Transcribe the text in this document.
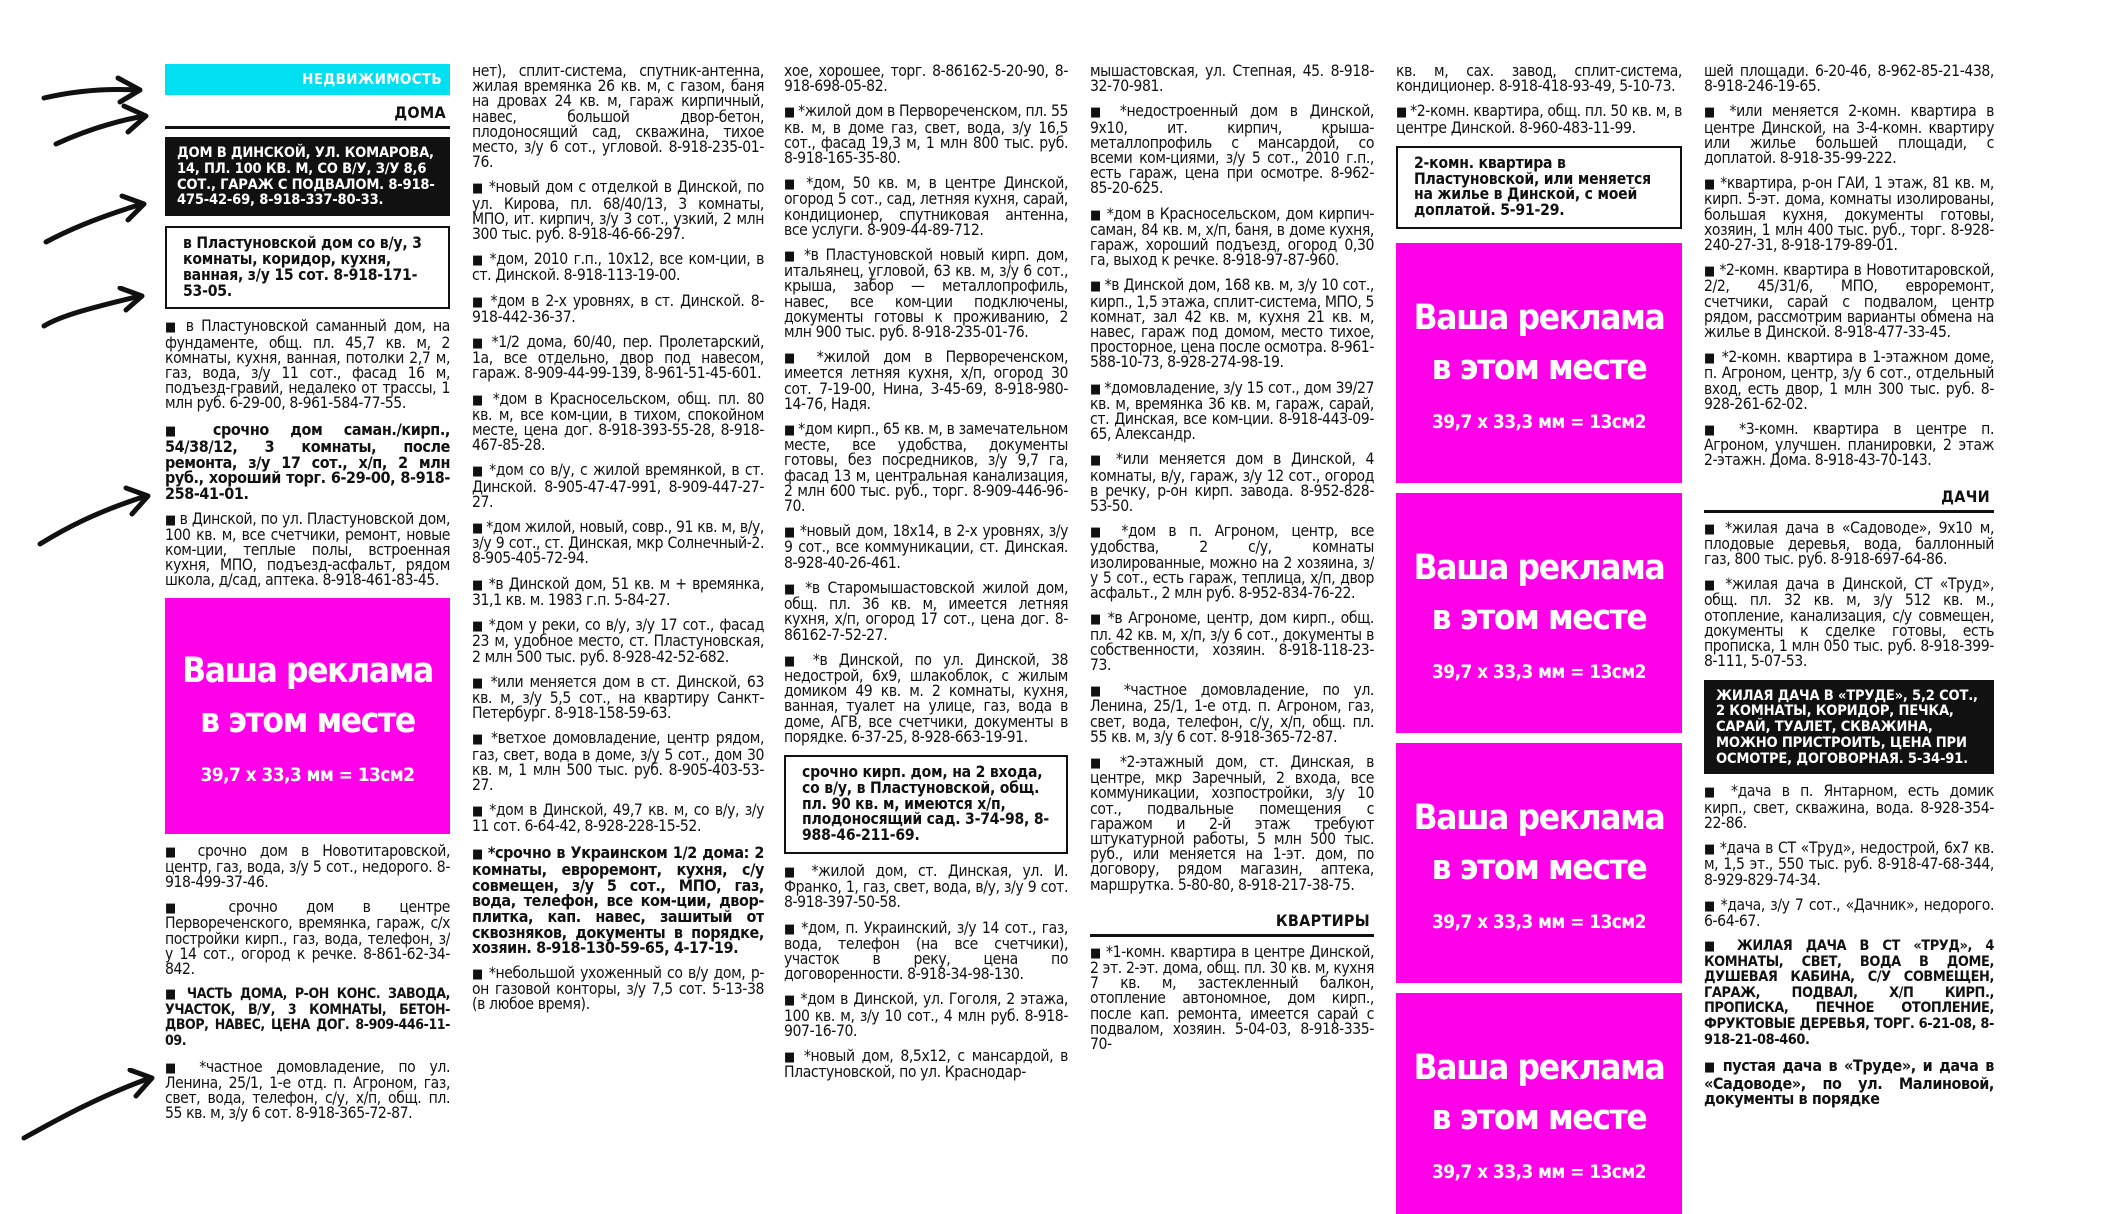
НЕДВИЖИМОСТЬ
ДОМА
ДОМ В ДИНСКОЙ, УЛ. КОМАРОВА, 14, ПЛ. 100 КВ. М, СО В/У, З/У 8,6 СОТ., ГАРАЖ С ПОДВАЛОМ. 8-918-475-42-69, 8-918-337-80-33.
в Пластуновской дом со в/у, 3 комнаты, коридор, кухня, ванная, з/у 15 сот. 8-918-171-53-05.

■ в Пластуновской саманный дом, на фундаменте, общ. пл. 45,7 кв. м, 2 комнаты, кухня, ванная, потолки 2,7 м, газ, вода, з/у 11 сот., фасад 16 м, подъезд-гравий, недалеко от трассы, 1 млн руб. 6-29-00, 8-961-584-77-55.

■ срочно дом саман./кирп., 54/38/12, 3 комнаты, после ремонта, з/у 17 сот., х/п, 2 млн руб., хороший торг. 6-29-00, 8-918-258-41-01.

■ в Динской, по ул. Пластуновской дом, 100 кв. м, все счетчики, ремонт, новые ком-ции, теплые полы, встроенная кухня, МПО, подъезд-асфальт, рядом школа, д/сад, аптека. 8-918-461-83-45.

Ваша реклама
в этом месте
39,7 х 33,3 мм = 13см2

■ срочно дом в Новотитаровской, центр, газ, вода, з/у 5 сот., недорого. 8-918-499-37-46.

■ срочно дом в центре Первореченского, времянка, гараж, с/х постройки кирп., газ, вода, телефон, з/у 14 сот., огород к речке. 8-861-62-34-842.

■ ЧАСТЬ ДОМА, Р-ОН КОНС. ЗАВОДА, УЧАСТОК, В/У, 3 КОМНАТЫ, БЕТОН-ДВОР, НАВЕС, ЦЕНА ДОГ. 8-909-446-11-09.

■ *частное домовладение, по ул. Ленина, 25/1, 1-е отд. п. Агроном, газ, свет, вода, телефон, с/у, х/п, общ. пл. 55 кв. м, з/у 6 сот. 8-918-365-72-87.

нет), сплит-система, спутник-антенна, жилая времянка 26 кв. м, с газом, баня на дровах 24 кв. м, гараж кирпичный, навес, большой двор-бетон, плодоносящий сад, скважина, тихое место, з/у 6 сот., угловой. 8-918-235-01-76.

■ *новый дом с отделкой в Динской, по ул. Кирова, пл. 68/40/13, 3 комнаты, МПО, ит. кирпич, з/у 3 сот., узкий, 2 млн 300 тыс. руб. 8-918-46-66-297.

■ *дом, 2010 г.п., 10х12, все ком-ции, в ст. Динской. 8-918-113-19-00.

■ *дом в 2-х уровнях, в ст. Динской. 8-918-442-36-37.

■ *1/2 дома, 60/40, пер. Пролетарский, 1а, все отдельно, двор под навесом, гараж. 8-909-44-99-139, 8-961-51-45-601.

■ *дом в Красносельском, общ. пл. 80 кв. м, все ком-ции, в тихом, спокойном месте, цена дог. 8-918-393-55-28, 8-918-467-85-28.

■ *дом со в/у, с жилой времянкой, в ст. Динской. 8-905-47-47-991, 8-909-447-27-27.

■ *дом жилой, новый, совр., 91 кв. м, в/у, з/у 9 сот., ст. Динская, мкр Солнечный-2. 8-905-405-72-94.

■ *в Динской дом, 51 кв. м + времянка, 31,1 кв. м. 1983 г.п. 5-84-27.

■ *дом у реки, со в/у, з/у 17 сот., фасад 23 м, удобное место, ст. Пластуновская, 2 млн 500 тыс. руб. 8-928-42-52-682.

■ *или меняется дом в ст. Динской, 63 кв. м, з/у 5,5 сот., на квартиру Санкт-Петербург. 8-918-158-59-63.

■ *ветхое домовладение, центр рядом, газ, свет, вода в доме, з/у 5 сот., дом 30 кв. м, 1 млн 500 тыс. руб. 8-905-403-53-27.

■ *дом в Динской, 49,7 кв. м, со в/у, з/у 11 сот. 6-64-42, 8-928-228-15-52.

■ *срочно в Украинском 1/2 дома: 2 комнаты, евроремонт, кухня, с/у совмещен, з/у 5 сот., МПО, газ, вода, телефон, все ком-ции, двор-плитка, кап. навес, зашитый от сквозняков, документы в порядке, хозяин. 8-918-130-59-65, 4-17-19.

■ *небольшой ухоженный со в/у дом, р-он газовой конторы, з/у 7,5 сот. 5-13-38 (в любое время).

хое, хорошее, торг. 8-86162-5-20-90, 8-918-698-05-82.

■ *жилой дом в Первореченском, пл. 55 кв. м, в доме газ, свет, вода, з/у 16,5 сот., фасад 19,3 м, 1 млн 800 тыс. руб. 8-918-165-35-80.

■ *дом, 50 кв. м, в центре Динской, огород 5 сот., сад, летняя кухня, сарай, кондиционер, спутниковая антенна, все услуги. 8-909-44-89-712.

■ *в Пластуновской новый кирп. дом, итальянец, угловой, 63 кв. м, з/у 6 сот., крыша, забор — металлопрофиль, навес, все ком-ции подключены, документы готовы к проживанию, 2 млн 900 тыс. руб. 8-918-235-01-76.

■ *жилой дом в Первореченском, имеется летняя кухня, х/п, огород 30 сот. 7-19-00, Нина, 3-45-69, 8-918-980-14-76, Надя.

■ *дом кирп., 65 кв. м, в замечательном месте, все удобства, документы готовы, без посредников, з/у 9,7 га, фасад 13 м, центральная канализация, 2 млн 600 тыс. руб., торг. 8-909-446-96-70.

■ *новый дом, 18х14, в 2-х уровнях, з/у 9 сот., все коммуникации, ст. Динская. 8-928-40-26-461.

■ *в Старомышастовской жилой дом, общ. пл. 36 кв. м, имеется летняя кухня, х/п, огород 17 сот., цена дог. 8-86162-7-52-27.

■ *в Динской, по ул. Динской, 38 недострой, 6х9, шлакоблок, с жилым домиком 49 кв. м. 2 комнаты, кухня, ванная, туалет на улице, газ, вода в доме, АГВ, все счетчики, документы в порядке. 6-37-25, 8-928-663-19-91.

срочно кирп. дом, на 2 входа, со в/у, в Пластуновской, общ. пл. 90 кв. м, имеются х/п, плодоносящий сад. 3-74-98, 8-988-46-211-69.

■ *жилой дом, ст. Динская, ул. И. Франко, 1, газ, свет, вода, в/у, з/у 9 сот. 8-918-397-50-58.

■ *дом, п. Украинский, з/у 14 сот., газ, вода, телефон (на все счетчики), участок в реку, цена по договоренности. 8-918-34-98-130.

■ *дом в Динской, ул. Гоголя, 2 этажа, 100 кв. м, з/у 10 сот., 4 млн руб. 8-918-907-16-70.

■ *новый дом, 8,5х12, с мансардой, в Пластуновской, по ул. Краснодар-

мышастовская, ул. Степная, 45. 8-918-32-70-981.

■ *недостроенный дом в Динской, 9х10, ит. кирпич, крыша-металлопрофиль с мансардой, со всеми ком-циями, з/у 5 сот., 2010 г.п., есть гараж, цена при осмотре. 8-962-85-20-625.

■ *дом в Красносельском, дом кирпич-саман, 84 кв. м, х/п, баня, в доме кухня, гараж, хороший подъезд, огород 0,30 га, выход к речке. 8-918-97-87-960.

■ *в Динской дом, 168 кв. м, з/у 10 сот., кирп., 1,5 этажа, сплит-система, МПО, 5 комнат, зал 42 кв. м, кухня 21 кв. м, навес, гараж под домом, место тихое, просторное, цена после осмотра. 8-961-588-10-73, 8-928-274-98-19.

■ *домовладение, з/у 15 сот., дом 39/27 кв. м, времянка 36 кв. м, гараж, сарай, ст. Динская, все ком-ции. 8-918-443-09-65, Александр.

■ *или меняется дом в Динской, 4 комнаты, в/у, гараж, з/у 12 сот., огород в речку, р-он кирп. завода. 8-952-828-53-50.

■ *дом в п. Агроном, центр, все удобства, 2 с/у, комнаты изолированные, можно на 2 хозяина, з/у 5 сот., есть гараж, теплица, х/п, двор асфальт., 2 млн руб. 8-952-834-76-22.

■ *в Агрономе, центр, дом кирп., общ. пл. 42 кв. м, х/п, з/у 6 сот., документы в собственности, хозяин. 8-918-118-23-73.

■ *частное домовладение, по ул. Ленина, 25/1, 1-е отд. п. Агроном, газ, свет, вода, телефон, с/у, х/п, общ. пл. 55 кв. м, з/у 6 сот. 8-918-365-72-87.

■ *2-этажный дом, ст. Динская, в центре, мкр Заречный, 2 входа, все коммуникации, хозпостройки, з/у 10 сот., подвальные помещения с гаражом и 2-й этаж требуют штукатурной работы, 5 млн 500 тыс. руб., или меняется на 1-эт. дом, по договору, рядом магазин, аптека, маршрутка. 5-80-80, 8-918-217-38-75.

КВАРТИРЫ

■ *1-комн. квартира в центре Динской, 2 эт. 2-эт. дома, общ. пл. 30 кв. м, кухня 7 кв. м, застекленный балкон, отопление автономное, дом кирп., после кап. ремонта, имеется сарай с подвалом, хозяин. 5-04-03, 8-918-335-70-

кв. м, сах. завод, сплит-система, кондиционер. 8-918-418-93-49, 5-10-73.

■ *2-комн. квартира, общ. пл. 50 кв. м, в центре Динской. 8-960-483-11-99.

2-комн. квартира в Пластуновской, или меняется на жилье в Динской, с моей доплатой. 5-91-29.
Ваша реклама
в этом месте
39,7 х 33,3 мм = 13см2
Ваша реклама
в этом месте
39,7 х 33,3 мм = 13см2
Ваша реклама
в этом месте
39,7 х 33,3 мм = 13см2
Ваша реклама
в этом месте
39,7 х 33,3 мм = 13см2

шей площади. 6-20-46, 8-962-85-21-438, 8-918-246-19-65.

■ *или меняется 2-комн. квартира в центре Динской, на 3-4-комн. квартиру или жилье большей площади, с доплатой. 8-918-35-99-222.

■ *квартира, р-он ГАИ, 1 этаж, 81 кв. м, кирп. 5-эт. дома, комнаты изолированы, большая кухня, документы готовы, хозяин, 1 млн 400 тыс. руб., торг. 8-928-240-27-31, 8-918-179-89-01.

■ *2-комн. квартира в Новотитаровской, 2/2, 45/31/6, МПО, евроремонт, счетчики, сарай с подвалом, центр рядом, рассмотрим варианты обмена на жилье в Динской. 8-918-477-33-45.

■ *2-комн. квартира в 1-этажном доме, п. Агроном, центр, з/у 6 сот., отдельный вход, есть двор, 1 млн 300 тыс. руб. 8-928-261-62-02.

■ *3-комн. квартира в центре п. Агроном, улучшен. планировки, 2 этаж 2-этажн. Дома. 8-918-43-70-143.

ДАЧИ

■ *жилая дача в «Садоводе», 9х10 м, плодовые деревья, вода, баллонный газ, 800 тыс. руб. 8-918-697-64-86.

■ *жилая дача в Динской, СТ «Труд», общ. пл. 32 кв. м, з/у 512 кв. м., отопление, канализация, с/у совмещен, документы к сделке готовы, есть прописка, 1 млн 050 тыс. руб. 8-918-399-8-111, 5-07-53.

ЖИЛАЯ ДАЧА В «ТРУДЕ», 5,2 СОТ., 2 КОМНАТЫ, КОРИДОР, ПЕЧКА, САРАЙ, ТУАЛЕТ, СКВАЖИНА, МОЖНО ПРИСТРОИТЬ, ЦЕНА ПРИ ОСМОТРЕ, ДОГОВОРНАЯ. 5-34-91.

■ *дача в п. Янтарном, есть домик кирп., свет, скважина, вода. 8-928-354-22-86.

■ *дача в СТ «Труд», недострой, 6х7 кв. м, 1,5 эт., 550 тыс. руб. 8-918-47-68-344, 8-929-829-74-34.

■ *дача, з/у 7 сот., «Дачник», недорого. 6-64-67.

■ ЖИЛАЯ ДАЧА В СТ «ТРУД», 4 КОМНАТЫ, СВЕТ, ВОДА В ДОМЕ, ДУШЕВАЯ КАБИНА, С/У СОВМЕЩЕН, ГАРАЖ, ПОДВАЛ, Х/П КИРП., ПРОПИСКА, ПЕЧНОЕ ОТОПЛЕНИЕ, ФРУКТОВЫЕ ДЕРЕВЬЯ, ТОРГ. 6-21-08, 8-918-21-08-460.

■ пустая дача в «Труде», и дача в «Садоводе», по ул. Малиновой, документы в порядке
